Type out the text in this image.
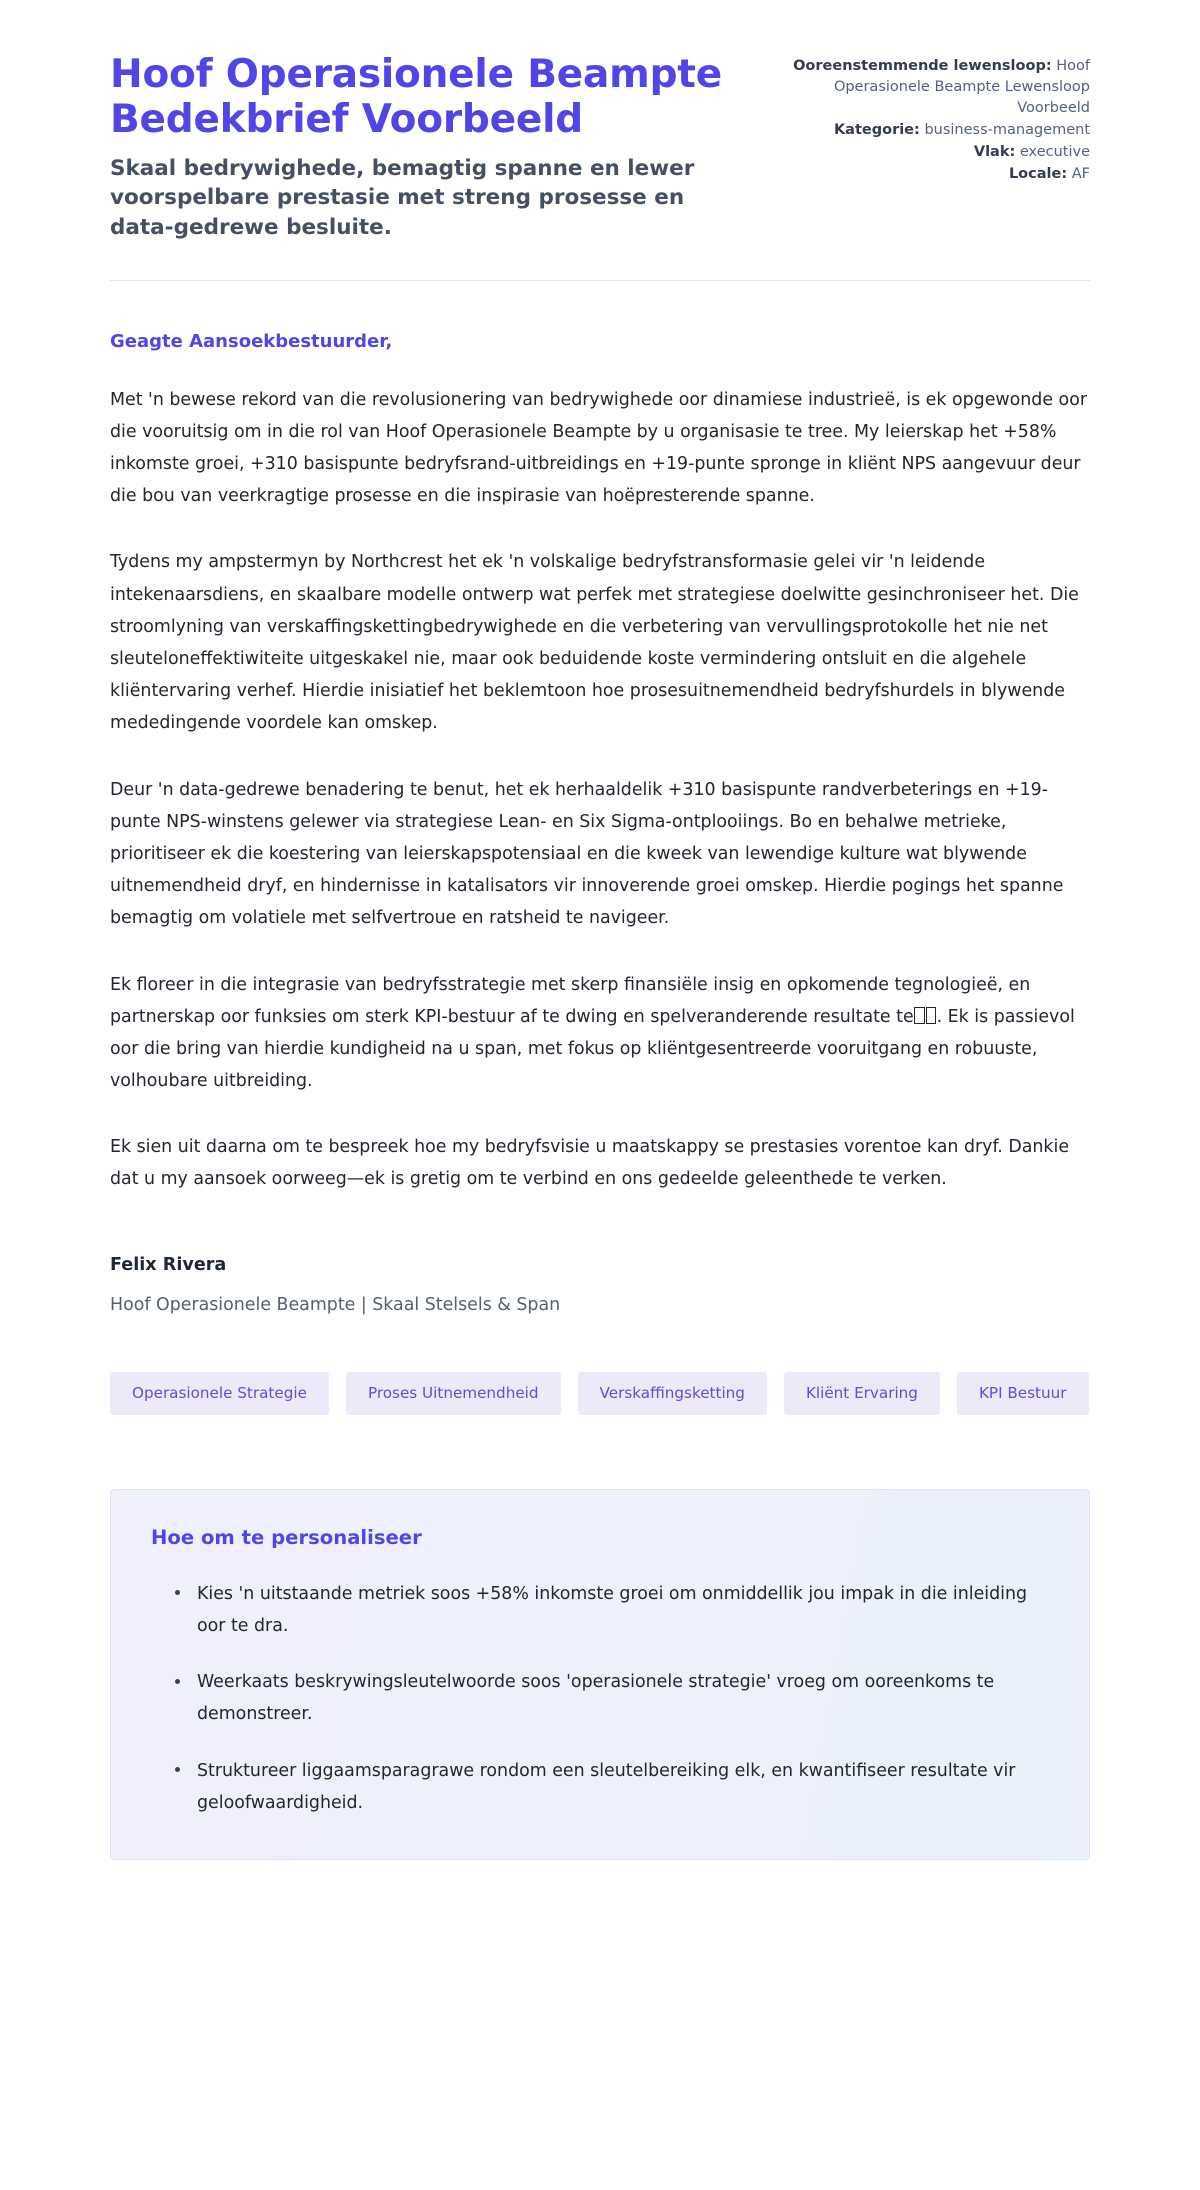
Hoof Operasionele Beampte Bedekbrief Voorbeeld

Skaal bedrywighede, bemagtig spanne en lewer voorspelbare prestasie met streng prosesse en data-gedrewe besluite.

Ooreenstemmende lewensloop: Hoof Operasionele Beampte Lewensloop Voorbeeld
Kategorie: business-management
Vlak: executive
Locale: AF

Geagte Aansoekbestuurder,

Met 'n bewese rekord van die revolusionering van bedrywighede oor dinamiese industrieë, is ek opgewonde oor die vooruitsig om in die rol van Hoof Operasionele Beampte by u organisasie te tree. My leierskap het +58% inkomste groei, +310 basispunte bedryfsrand-uitbreidings en +19-punte spronge in kliënt NPS aangevuur deur die bou van veerkragtige prosesse en die inspirasie van hoëpresterende spanne.

Tydens my ampstermyn by Northcrest het ek 'n volskalige bedryfstransformasie gelei vir 'n leidende intekenaarsdiens, en skaalbare modelle ontwerp wat perfek met strategiese doelwitte gesinchroniseer het. Die stroomlyning van verskaffingskettingbedrywighede en die verbetering van vervullingsprotokolle het nie net sleuteloneffektiwiteite uitgeskakel nie, maar ook beduidende koste vermindering ontsluit en die algehele kliëntervaring verhef. Hierdie inisiatief het beklemtoon hoe prosesuitnemendheid bedryfshurdels in blywende mededingende voordele kan omskep.

Deur 'n data-gedrewe benadering te benut, het ek herhaaldelik +310 basispunte randverbeterings en +19-punte NPS-winstens gelewer via strategiese Lean- en Six Sigma-ontplooiings. Bo en behalwe metrieke, prioritiseer ek die koestering van leierskapspotensiaal en die kweek van lewendige kulture wat blywende uitnemendheid dryf, en hindernisse in katalisators vir innoverende groei omskep. Hierdie pogings het spanne bemagtig om volatiele met selfvertroue en ratsheid te navigeer.

Ek floreer in die integrasie van bedryfsstrategie met skerp finansiële insig en opkomende tegnologieë, en partnerskap oor funksies om sterk KPI-bestuur af te dwing en spelveranderende resultate te . Ek is passievol oor die bring van hierdie kundigheid na u span, met fokus op kliëntgesentreerde vooruitgang en robuuste, volhoubare uitbreiding.

Ek sien uit daarna om te bespreek hoe my bedryfsvisie u maatskappy se prestasies vorentoe kan dryf. Dankie dat u my aansoek oorweeg—ek is gretig om te verbind en ons gedeelde geleenthede te verken.

Felix Rivera

Hoof Operasionele Beampte | Skaal Stelsels & Span

Operasionele Strategie	Proses Uitnemendheid	Verskaffingsketting	Kliënt Ervaring	KPI Bestuur
Hoe om te personaliseer
Kies 'n uitstaande metriek soos +58% inkomste groei om onmiddellik jou impak in die inleiding oor te dra.
Weerkaats beskrywingsleutelwoorde soos 'operasionele strategie' vroeg om ooreenkoms te demonstreer.
Struktureer liggaamsparagrawe rondom een sleutelbereiking elk, en kwantifiseer resultate vir geloofwaardigheid.
